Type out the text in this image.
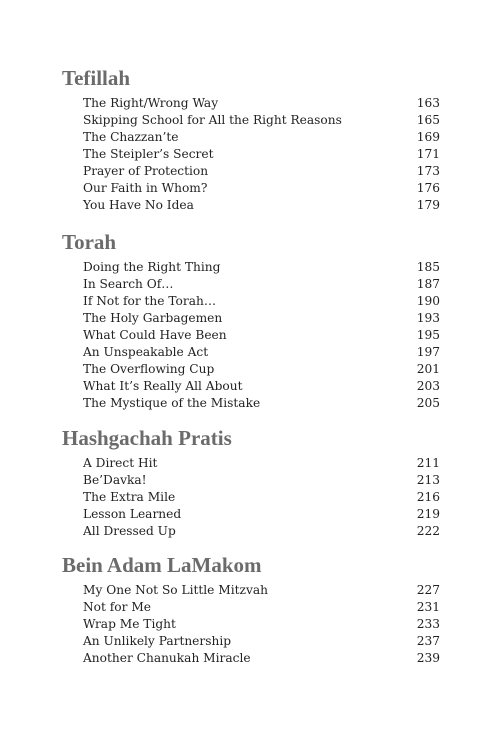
Tefillah
The Right/Wrong Way	163
Skipping School for All the Right Reasons	165
The Chazzan’te	169
The Steipler’s Secret	171
Prayer of Protection	173
Our Faith in Whom?	176
You Have No Idea	179
Torah
Doing the Right Thing	185
In Search Of…	187
If Not for the Torah…	190
The Holy Garbagemen	193
What Could Have Been	195
An Unspeakable Act	197
The Overflowing Cup	201
What It’s Really All About	203
The Mystique of the Mistake	205
Hashgachah Pratis
A Direct Hit	211
Be’Davka!	213
The Extra Mile	216
Lesson Learned	219
All Dressed Up	222
Bein Adam LaMakom
My One Not So Little Mitzvah	227
Not for Me	231
Wrap Me Tight	233
An Unlikely Partnership	237
Another Chanukah Miracle	239
